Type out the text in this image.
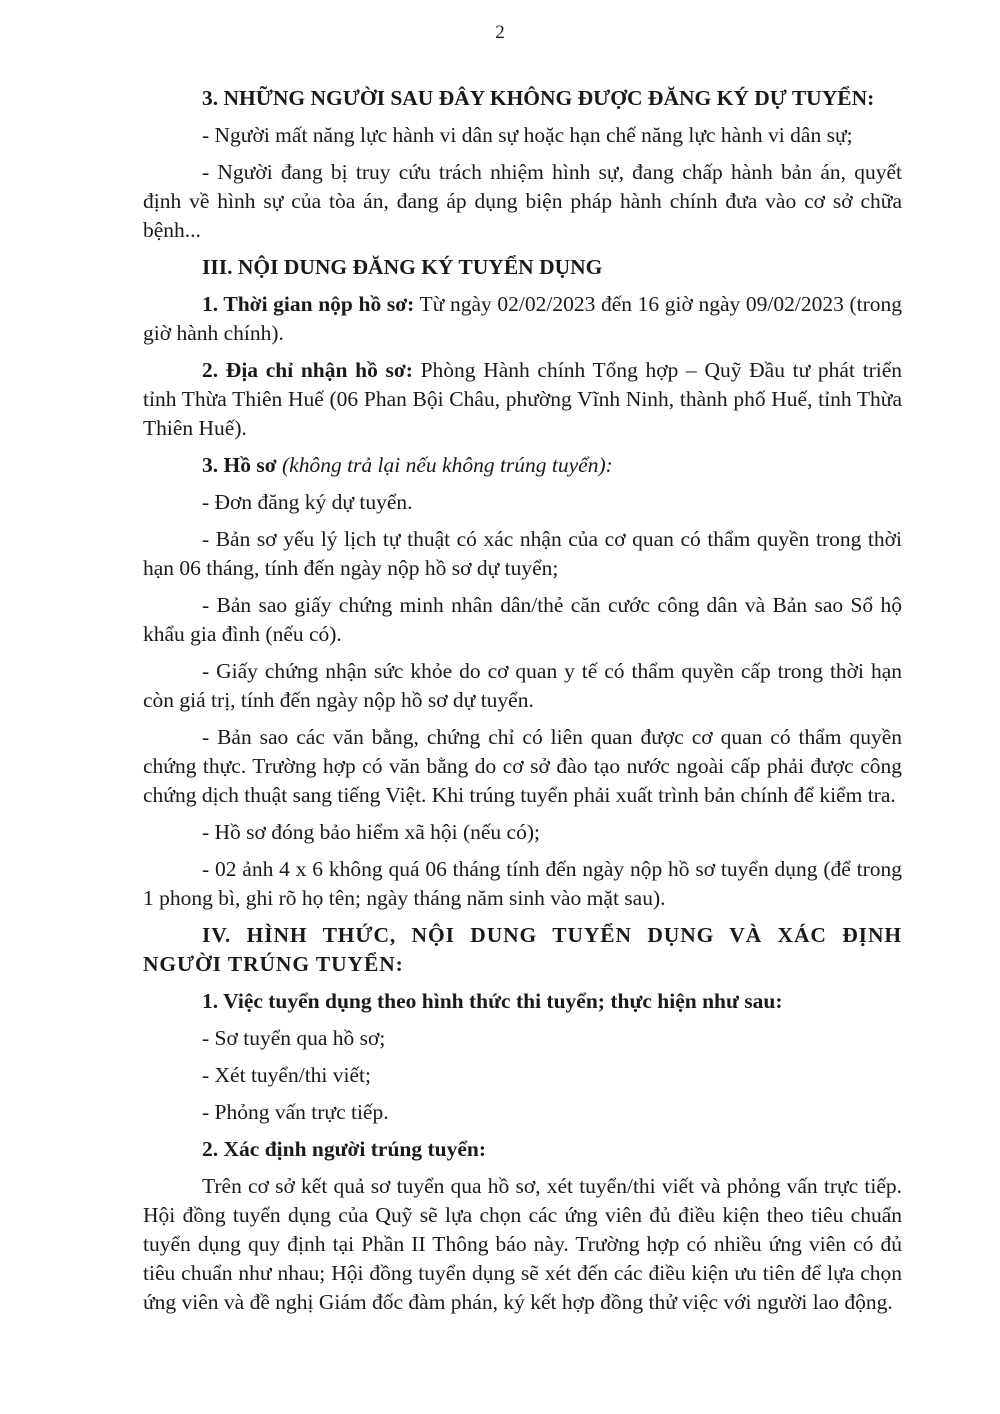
2

3. NHỮNG NGƯỜI SAU ĐÂY KHÔNG ĐƯỢC ĐĂNG KÝ DỰ TUYỂN:

- Người mất năng lực hành vi dân sự hoặc hạn chế năng lực hành vi dân sự;

- Người đang bị truy cứu trách nhiệm hình sự, đang chấp hành bản án, quyết định về hình sự của tòa án, đang áp dụng biện pháp hành chính đưa vào cơ sở chữa bệnh...

III. NỘI DUNG ĐĂNG KÝ TUYỂN DỤNG

1. Thời gian nộp hồ sơ: Từ ngày 02/02/2023 đến 16 giờ ngày 09/02/2023 (trong giờ hành chính).

2. Địa chỉ nhận hồ sơ: Phòng Hành chính Tổng hợp – Quỹ Đầu tư phát triển tỉnh Thừa Thiên Huế (06 Phan Bội Châu, phường Vĩnh Ninh, thành phố Huế, tỉnh Thừa Thiên Huế).

3. Hồ sơ (không trả lại nếu không trúng tuyển):

- Đơn đăng ký dự tuyển.

- Bản sơ yếu lý lịch tự thuật có xác nhận của cơ quan có thẩm quyền trong thời hạn 06 tháng, tính đến ngày nộp hồ sơ dự tuyển;

- Bản sao giấy chứng minh nhân dân/thẻ căn cước công dân và Bản sao Sổ hộ khẩu gia đình (nếu có).

- Giấy chứng nhận sức khỏe do cơ quan y tế có thẩm quyền cấp trong thời hạn còn giá trị, tính đến ngày nộp hồ sơ dự tuyển.

- Bản sao các văn bằng, chứng chỉ có liên quan được cơ quan có thẩm quyền chứng thực. Trường hợp có văn bằng do cơ sở đào tạo nước ngoài cấp phải được công chứng dịch thuật sang tiếng Việt. Khi trúng tuyển phải xuất trình bản chính để kiểm tra.

- Hồ sơ đóng bảo hiểm xã hội (nếu có);

- 02 ảnh 4 x 6 không quá 06 tháng tính đến ngày nộp hồ sơ tuyển dụng (để trong 1 phong bì, ghi rõ họ tên; ngày tháng năm sinh vào mặt sau).

IV. HÌNH THỨC, NỘI DUNG TUYỂN DỤNG VÀ XÁC ĐỊNH NGƯỜI TRÚNG TUYỂN:

1. Việc tuyển dụng theo hình thức thi tuyển; thực hiện như sau:

- Sơ tuyển qua hồ sơ;

- Xét tuyển/thi viết;

- Phỏng vấn trực tiếp.

2. Xác định người trúng tuyển:

Trên cơ sở kết quả sơ tuyển qua hồ sơ, xét tuyển/thi viết và phỏng vấn trực tiếp. Hội đồng tuyển dụng của Quỹ sẽ lựa chọn các ứng viên đủ điều kiện theo tiêu chuẩn tuyển dụng quy định tại Phần II Thông báo này. Trường hợp có nhiều ứng viên có đủ tiêu chuẩn như nhau; Hội đồng tuyển dụng sẽ xét đến các điều kiện ưu tiên để lựa chọn ứng viên và đề nghị Giám đốc đàm phán, ký kết hợp đồng thử việc với người lao động.
